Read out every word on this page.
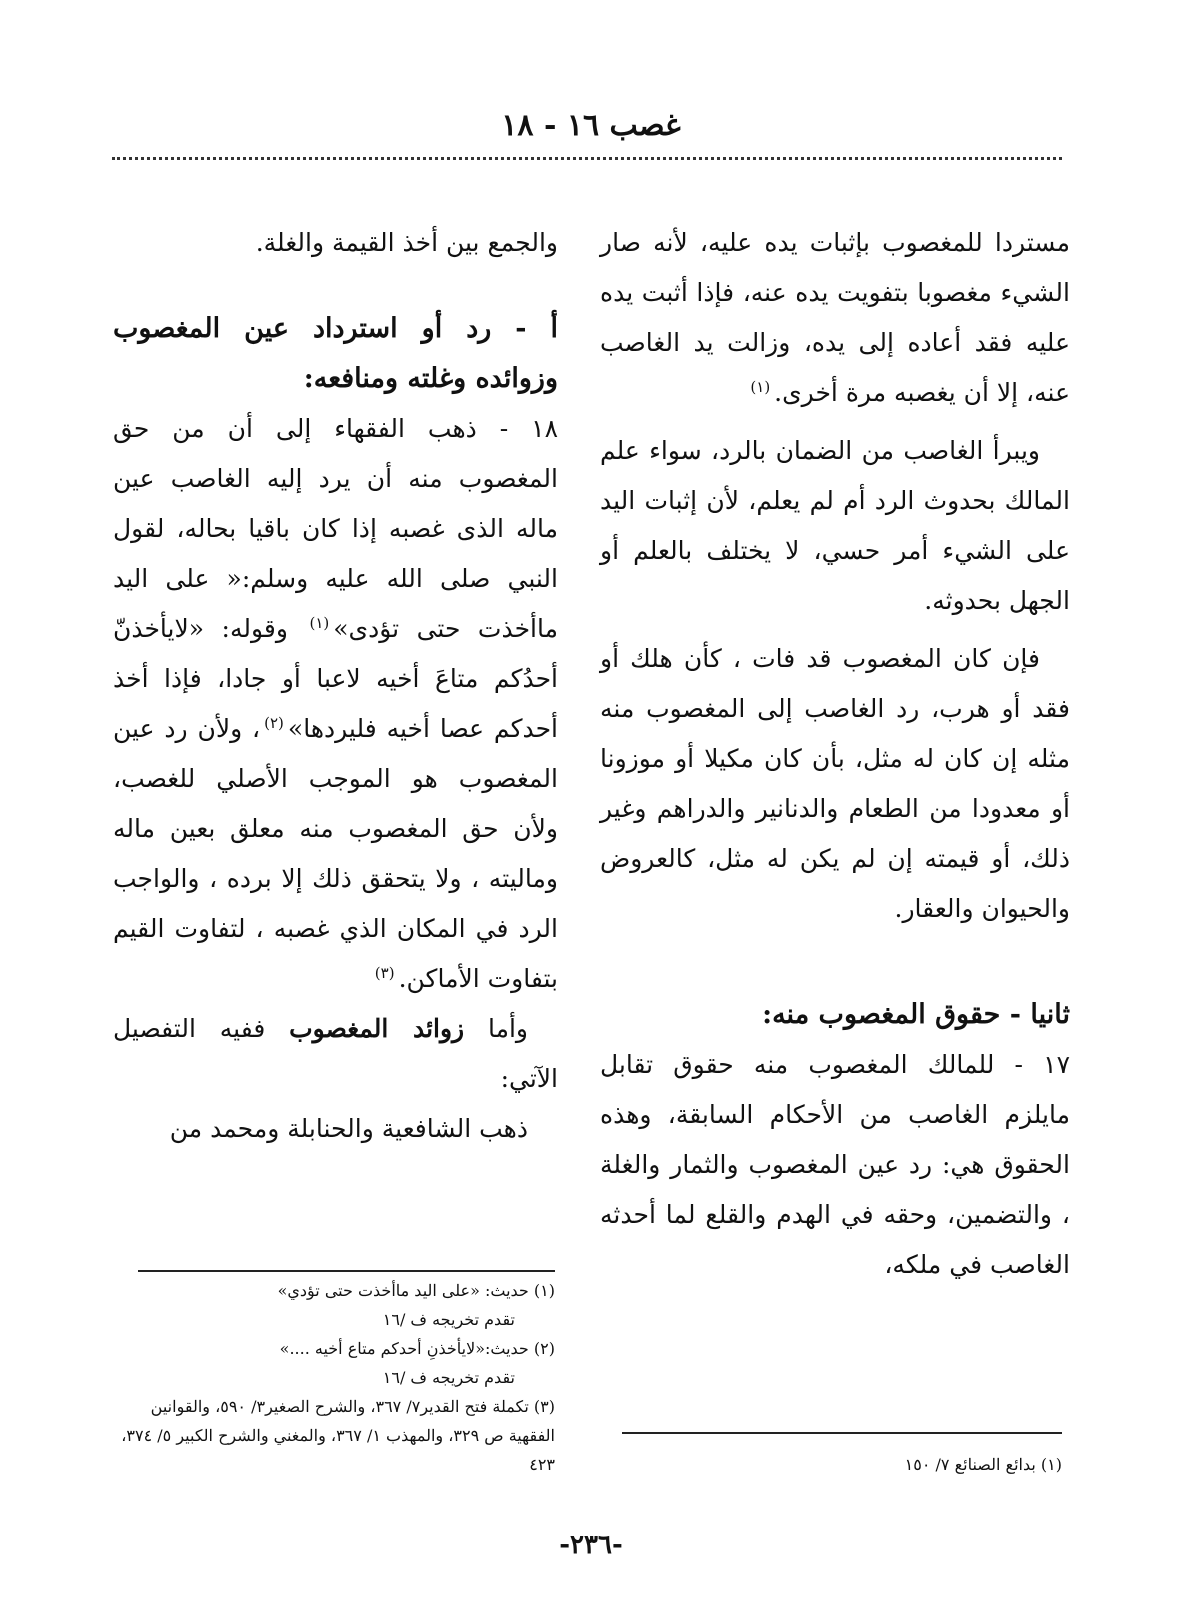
غصب ١٦ - ١٨

مستردا للمغصوب بإثبات يده عليه، لأنه صار الشيء مغصوبا بتفويت يده عنه، فإذا أثبت يده عليه فقد أعاده إلى يده، وزالت يد الغاصب عنه، إلا أن يغصبه مرة أخرى.$^{(١)}$

ويبرأ الغاصب من الضمان بالرد، سواء علم المالك بحدوث الرد أم لم يعلم، لأن إثبات اليد على الشيء أمر حسي، لا يختلف بالعلم أو الجهل بحدوثه.

فإن كان المغصوب قد فات ، كأن هلك أو فقد أو هرب، رد الغاصب إلى المغصوب منه مثله إن كان له مثل، بأن كان مكيلا أو موزونا أو معدودا من الطعام والدنانير والدراهم وغير ذلك، أو قيمته إن لم يكن له مثل، كالعروض والحيوان والعقار.

ثانيا - حقوق المغصوب منه:

١٧ - للمالك المغصوب منه حقوق تقابل مايلزم الغاصب من الأحكام السابقة، وهذه الحقوق هي: رد عين المغصوب والثمار والغلة ، والتضمين، وحقه في الهدم والقلع لما أحدثه الغاصب في ملكه،

والجمع بين أخذ القيمة والغلة.

أ - رد أو استرداد عين المغصوب وزوائده وغلته ومنافعه:

١٨ - ذهب الفقهاء إلى أن من حق المغصوب منه أن يرد إليه الغاصب عين ماله الذى غصبه إذا كان باقيا بحاله، لقول النبي صلى الله عليه وسلم:« على اليد ماأخذت حتى تؤدى»$^{(١)}$ وقوله: «لايأخذنّ أحدُكم متاعَ أخيه لاعبا أو جادا، فإذا أخذ أحدكم عصا أخيه فليردها»$^{(٢)}$، ولأن رد عين المغصوب هو الموجب الأصلي للغصب، ولأن حق المغصوب منه معلق بعين ماله وماليته ، ولا يتحقق ذلك إلا برده ، والواجب الرد في المكان الذي غصبه ، لتفاوت القيم بتفاوت الأماكن.$^{(٣)}$

وأما زوائد المغصوب ففيه التفصيل الآتي:

ذهب الشافعية والحنابلة ومحمد من

(١) حديث: «على اليد ماأخذت حتى تؤدي»

تقدم تخريجه ف /١٦

(٢) حديث:«لايأخذنِ أحدكم متاع أخيه ....»

تقدم تخريجه ف /١٦

(٣) تكملة فتح القدير٧/ ٣٦٧، والشرح الصغير٣/ ٥٩٠، والقوانين الفقهية ص ٣٢٩، والمهذب ١/ ٣٦٧، والمغني والشرح الكبير ٥/ ٣٧٤، ٤٢٣	(١) بدائع الصنائع ٧/ ١٥٠

-٢٣٦-
